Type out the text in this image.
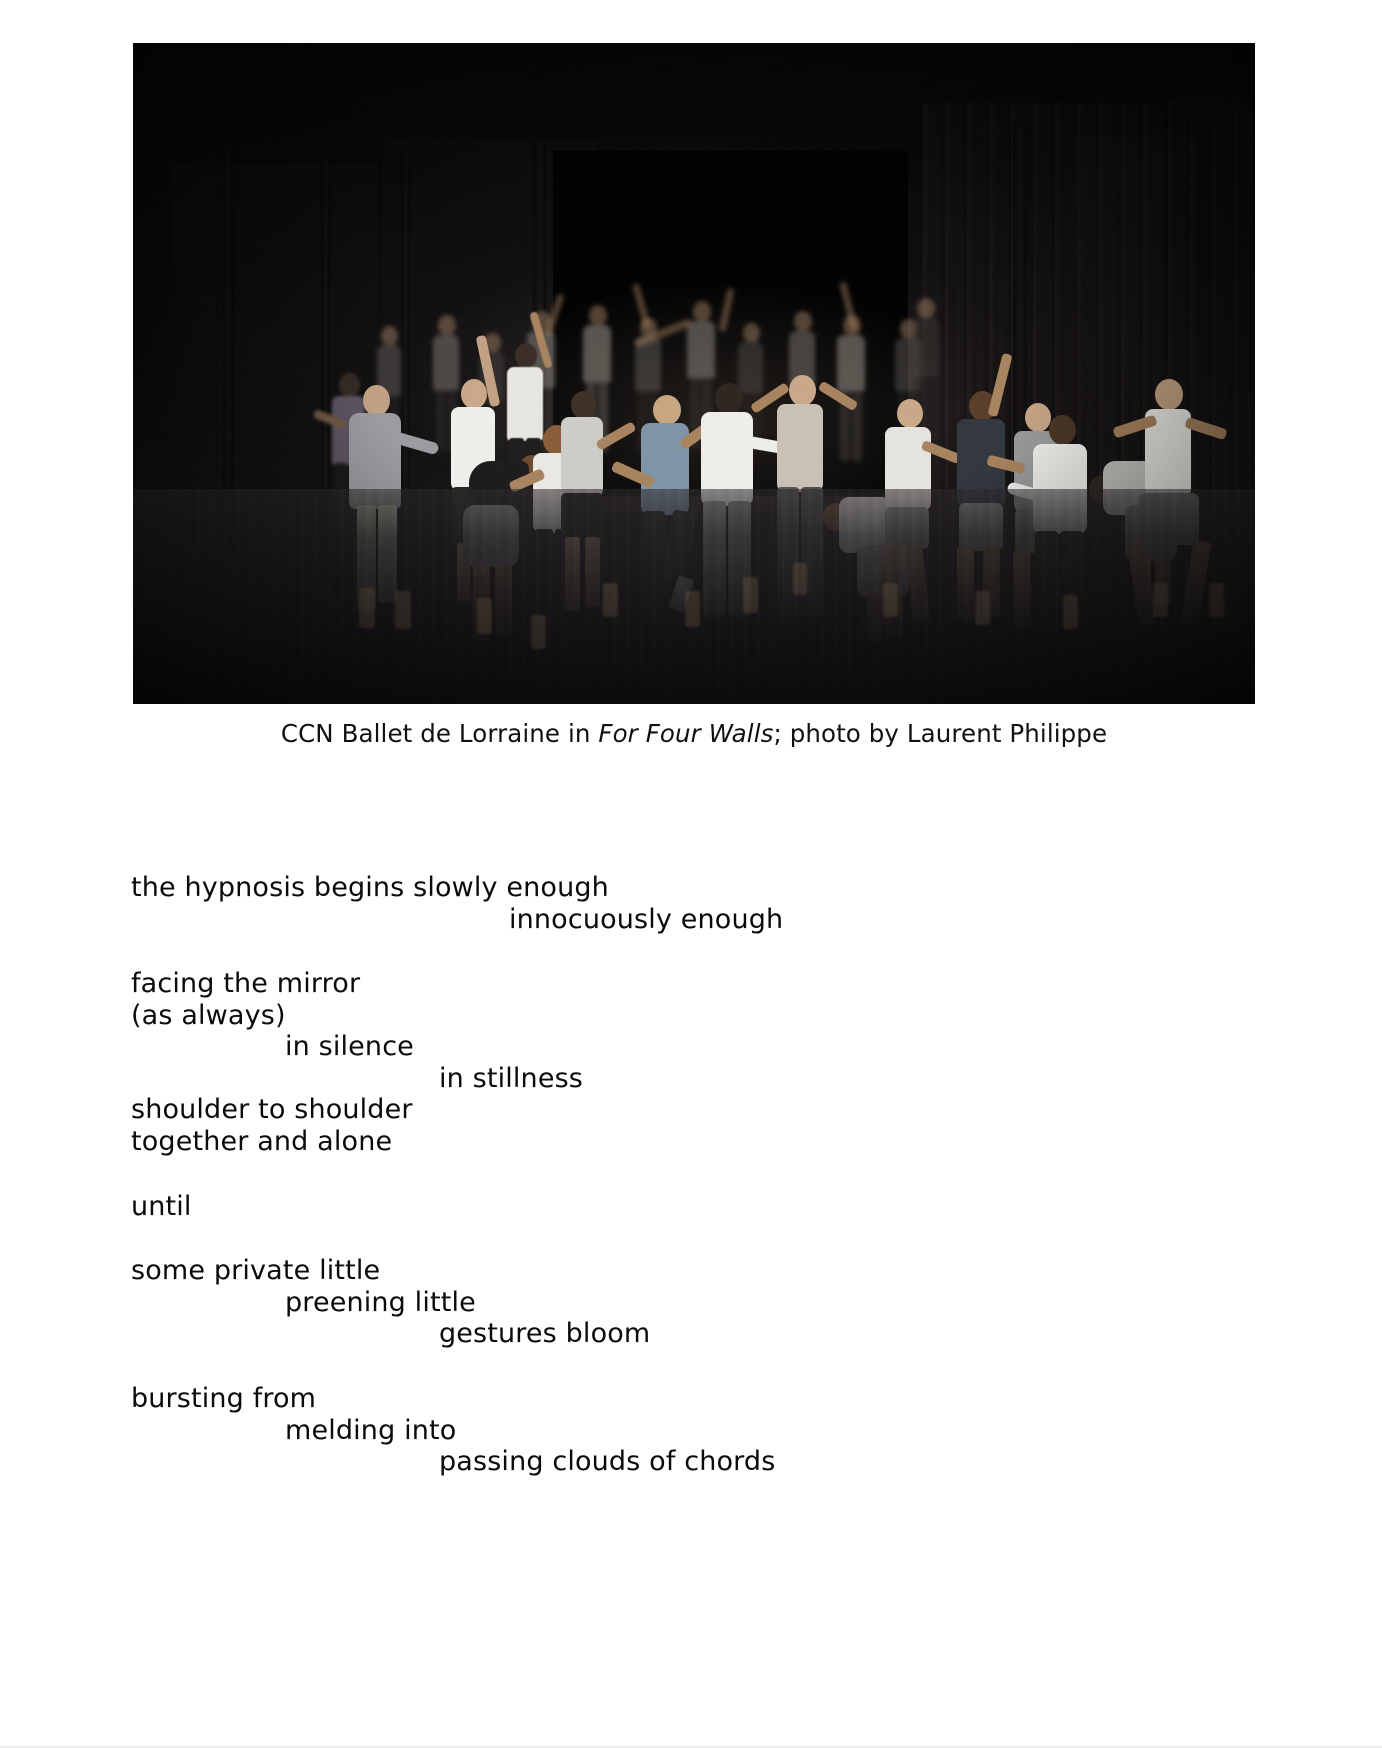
CCN Ballet de Lorraine in For Four Walls; photo by Laurent Philippe
the hypnosis begins slowly enough
innocuously enough
facing the mirror
(as always)
in silence
in stillness
shoulder to shoulder
together and alone
until
some private little
preening little
gestures bloom
bursting from
melding into
passing clouds of chords
